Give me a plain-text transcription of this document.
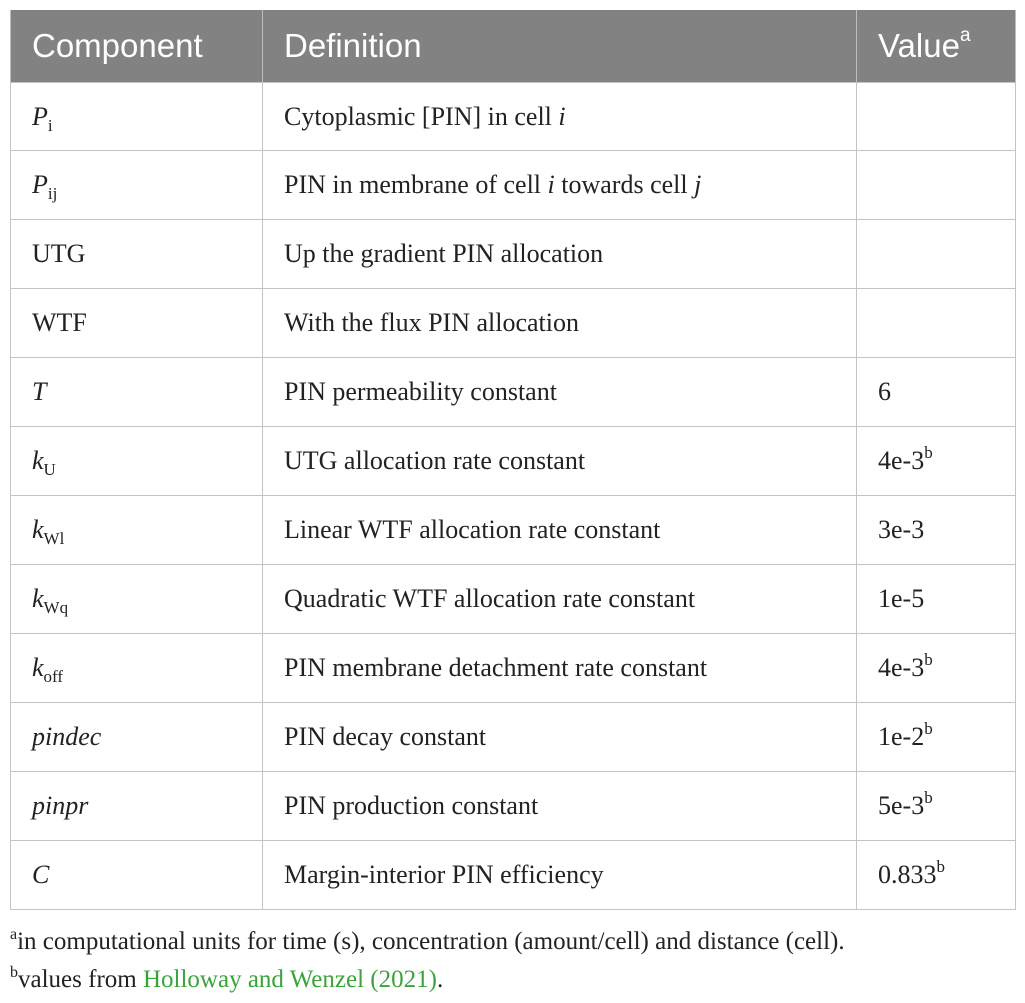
Component	Definition	Value$^a$
$P_i$	Cytoplasmic [PIN] in cell i	
$P_{ij}$	PIN in membrane of cell i towards cell j	
UTG	Up the gradient PIN allocation	
WTF	With the flux PIN allocation	
T	PIN permeability constant	6
$k_U$	UTG allocation rate constant	4e-3$^b$
$k_{Wl}$	Linear WTF allocation rate constant	3e-3
$k_{Wq}$	Quadratic WTF allocation rate constant	1e-5
$k_{off}$	PIN membrane detachment rate constant	4e-3$^b$
pindec	PIN decay constant	1e-2$^b$
pinpr	PIN production constant	5e-3$^b$
C	Margin-interior PIN efficiency	0.833$^b$
$^a$in computational units for time (s), concentration (amount/cell) and distance (cell).
$^b$values from Holloway and Wenzel (2021).
